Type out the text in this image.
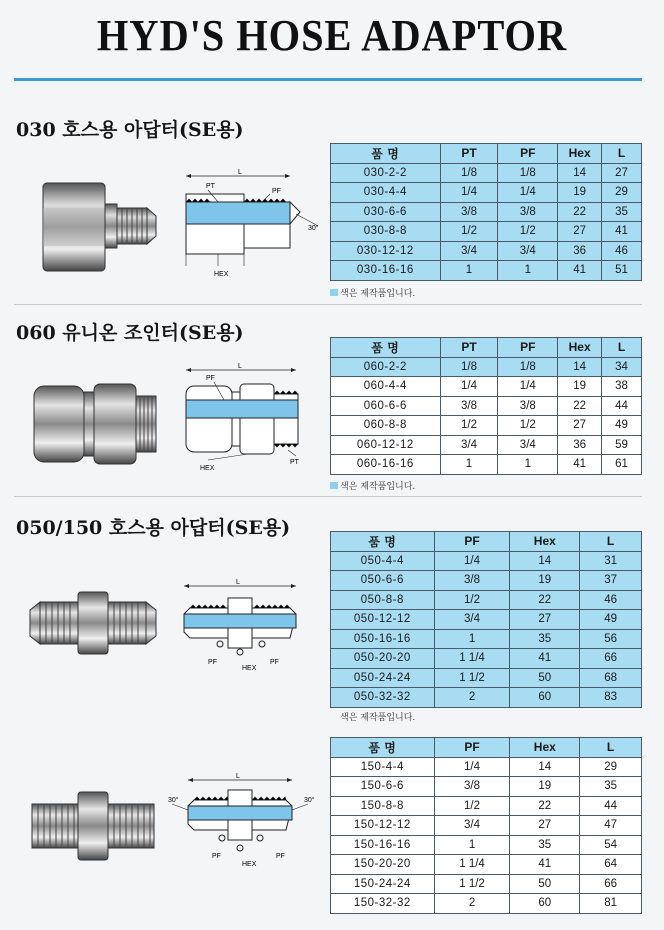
HYD'S HOSE ADAPTOR
030 호스용 아답터(SE용)
L
30°
PT
PF
HEX
품 명	PT	PF	Hex	L
030-2-2	1/8	1/8	14	27
030-4-4	1/4	1/4	19	29
030-6-6	3/8	3/8	22	35
030-8-8	1/2	1/2	27	41
030-12-12	3/4	3/4	36	46
030-16-16	1	1	41	51
색은 제작품입니다.
060 유니온 조인터(SE용)
L
PF
HEX
PT
품 명	PT	PF	Hex	L
060-2-2	1/8	1/8	14	34
060-4-4	1/4	1/4	19	38
060-6-6	3/8	3/8	22	44
060-8-8	1/2	1/2	27	49
060-12-12	3/4	3/4	36	59
060-16-16	1	1	41	61
색은 제작품입니다.
050/150 호스용 아답터(SE용)
L
PF
HEX
PF
품 명	PF	Hex	L
050-4-4	1/4	14	31
050-6-6	3/8	19	37
050-8-8	1/2	22	46
050-12-12	3/4	27	49
050-16-16	1	35	56
050-20-20	1 1/4	41	66
050-24-24	1 1/2	50	68
050-32-32	2	60	83
색은 제작품입니다.
L
30°	30°
PF
HEX
PF
품 명	PF	Hex	L
150-4-4	1/4	14	29
150-6-6	3/8	19	35
150-8-8	1/2	22	44
150-12-12	3/4	27	47
150-16-16	1	35	54
150-20-20	1 1/4	41	64
150-24-24	1 1/2	50	66
150-32-32	2	60	81
